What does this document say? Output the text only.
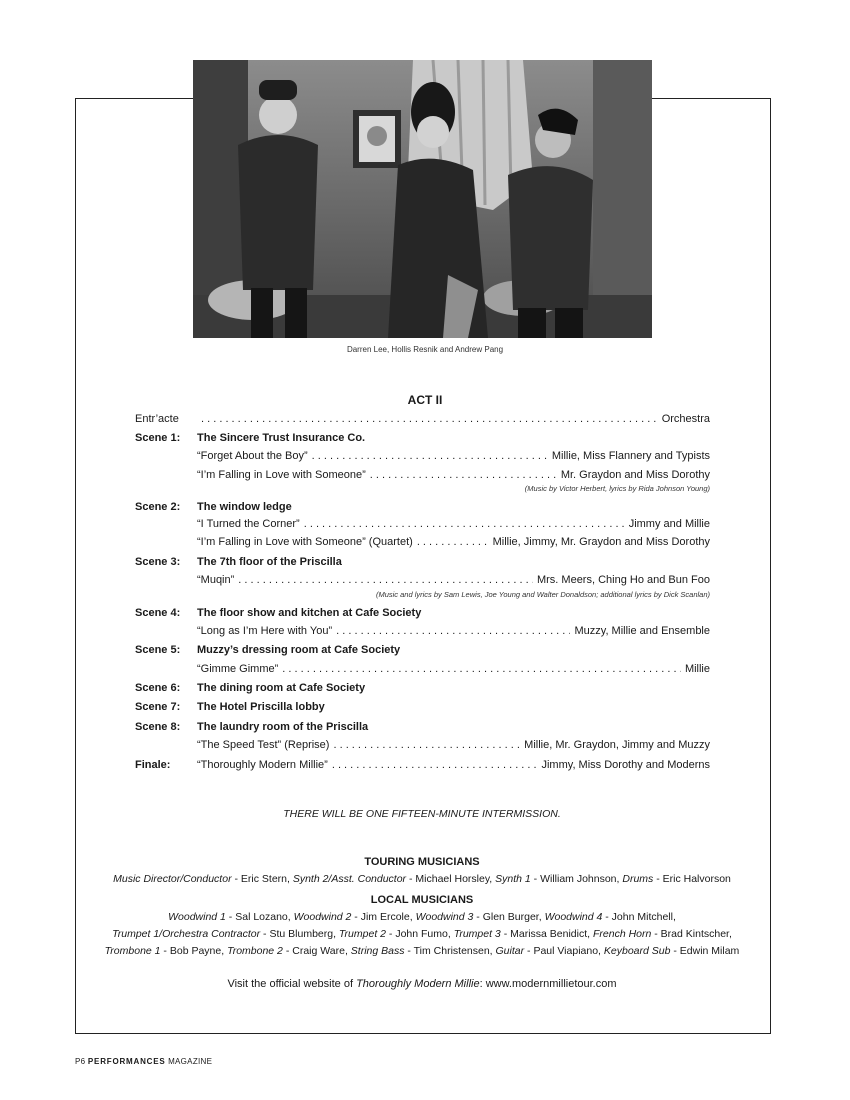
Darren Lee, Hollis Resnik and Andrew Pang
ACT II
Entr’acte . . .	Orchestra
Scene 1:	The Sincere Trust Insurance Co.
“Forget About the Boy” . . .	Millie, Miss Flannery and Typists
“I’m Falling in Love with Someone” . . .	Mr. Graydon and Miss Dorothy
(Music by Victor Herbert, lyrics by Rida Johnson Young)
Scene 2:	The window ledge
“I Turned the Corner” . . .	Jimmy and Millie
“I’m Falling in Love with Someone” (Quartet) . . .	Millie, Jimmy, Mr. Graydon and Miss Dorothy
Scene 3:	The 7th floor of the Priscilla
“Muqin” . . .	Mrs. Meers, Ching Ho and Bun Foo
(Music and lyrics by Sam Lewis, Joe Young and Walter Donaldson; additional lyrics by Dick Scanlan)
Scene 4:	The floor show and kitchen at Cafe Society
“Long as I’m Here with You” . . .	Muzzy, Millie and Ensemble
Scene 5:	Muzzy’s dressing room at Cafe Society
“Gimme Gimme” . . .	Millie
Scene 6:	The dining room at Cafe Society
Scene 7:	The Hotel Priscilla lobby
Scene 8:	The laundry room of the Priscilla
“The Speed Test” (Reprise) . . .	Millie, Mr. Graydon, Jimmy and Muzzy
Finale:	“Thoroughly Modern Millie” . . .	Jimmy, Miss Dorothy and Moderns
THERE WILL BE ONE FIFTEEN-MINUTE INTERMISSION.
TOURING MUSICIANS
Music Director/Conductor - Eric Stern, Synth 2/Asst. Conductor - Michael Horsley, Synth 1 - William Johnson, Drums - Eric Halvorson
LOCAL MUSICIANS
Woodwind 1 - Sal Lozano, Woodwind 2 - Jim Ercole, Woodwind 3 - Glen Burger, Woodwind 4 - John Mitchell,
Trumpet 1/Orchestra Contractor - Stu Blumberg, Trumpet 2 - John Fumo, Trumpet 3 - Marissa Benidict, French Horn - Brad Kintscher,
Trombone 1 - Bob Payne, Trombone 2 - Craig Ware, String Bass - Tim Christensen, Guitar - Paul Viapiano, Keyboard Sub - Edwin Milam
Visit the official website of Thoroughly Modern Millie: www.modernmillietour.com
P6 PERFORMANCES MAGAZINE
